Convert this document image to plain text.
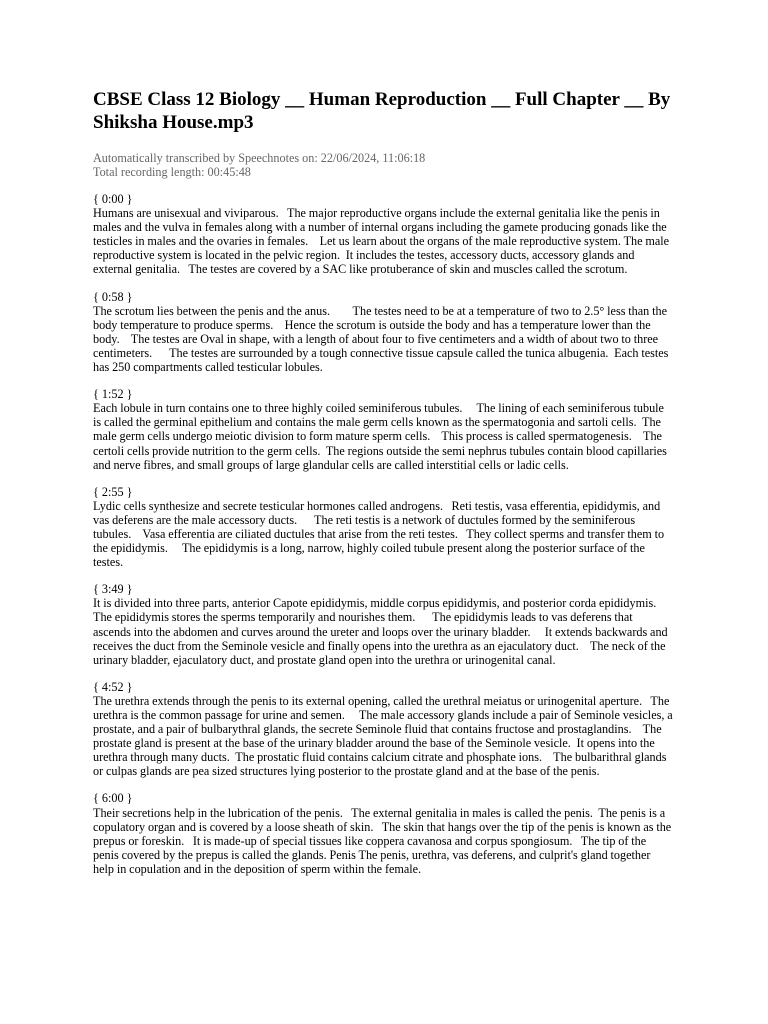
CBSE Class 12 Biology __ Human Reproduction __ Full Chapter __ By Shiksha House.mp3
Automatically transcribed by Speechnotes on: 22/06/2024, 11:06:18
Total recording length: 00:45:48

{ 0:00 }

Humans are unisexual and viviparous.   The major reproductive organs include the external genitalia like the penis in males and the vulva in females along with a number of internal organs including the gamete producing gonads like the testicles in males and the ovaries in females.    Let us learn about the organs of the male reproductive system. The male reproductive system is located in the pelvic region.  It includes the testes, accessory ducts, accessory glands and external genitalia.   The testes are covered by a SAC like protuberance of skin and muscles called the scrotum.

{ 0:58 }

The scrotum lies between the penis and the anus.        The testes need to be at a temperature of two to 2.5° less than the body temperature to produce sperms.    Hence the scrotum is outside the body and has a temperature lower than the body.    The testes are Oval in shape, with a length of about four to five centimeters and a width of about two to three centimeters.      The testes are surrounded by a tough connective tissue capsule called the tunica albugenia.  Each testes has 250 compartments called testicular lobules.

{ 1:52 }

Each lobule in turn contains one to three highly coiled seminiferous tubules.     The lining of each seminiferous tubule is called the germinal epithelium and contains the male germ cells known as the spermatogonia and sartoli cells.  The male germ cells undergo meiotic division to form mature sperm cells.    This process is called spermatogenesis.    The certoli cells provide nutrition to the germ cells.  The regions outside the semi nephrus tubules contain blood capillaries and nerve fibres, and small groups of large glandular cells are called interstitial cells or ladic cells.

{ 2:55 }

Lydic cells synthesize and secrete testicular hormones called androgens.   Reti testis, vasa efferentia, epididymis, and vas deferens are the male accessory ducts.      The reti testis is a network of ductules formed by the seminiferous tubules.    Vasa efferentia are ciliated ductules that arise from the reti testes.   They collect sperms and transfer them to the epididymis.     The epididymis is a long, narrow, highly coiled tubule present along the posterior surface of the testes.

{ 3:49 }

It is divided into three parts, anterior Capote epididymis, middle corpus epididymis, and posterior corda epididymis.    The epididymis stores the sperms temporarily and nourishes them.      The epididymis leads to vas deferens that ascends into the abdomen and curves around the ureter and loops over the urinary bladder.     It extends backwards and receives the duct from the Seminole vesicle and finally opens into the urethra as an ejaculatory duct.    The neck of the urinary bladder, ejaculatory duct, and prostate gland open into the urethra or urinogenital canal.

{ 4:52 }

The urethra extends through the penis to its external opening, called the urethral meiatus or urinogenital aperture.   The urethra is the common passage for urine and semen.     The male accessory glands include a pair of Seminole vesicles, a prostate, and a pair of bulbarythral glands, the secrete Seminole fluid that contains fructose and prostaglandins.    The prostate gland is present at the base of the urinary bladder around the base of the Seminole vesicle.  It opens into the urethra through many ducts.  The prostatic fluid contains calcium citrate and phosphate ions.    The bulbarithral glands or culpas glands are pea sized structures lying posterior to the prostate gland and at the base of the penis.

{ 6:00 }

Their secretions help in the lubrication of the penis.   The external genitalia in males is called the penis.  The penis is a copulatory organ and is covered by a loose sheath of skin.   The skin that hangs over the tip of the penis is known as the prepus or foreskin.   It is made-up of special tissues like coppera cavanosa and corpus spongiosum.   The tip of the penis covered by the prepus is called the glands. Penis The penis, urethra, vas deferens, and culprit's gland together help in copulation and in the deposition of sperm within the female.
